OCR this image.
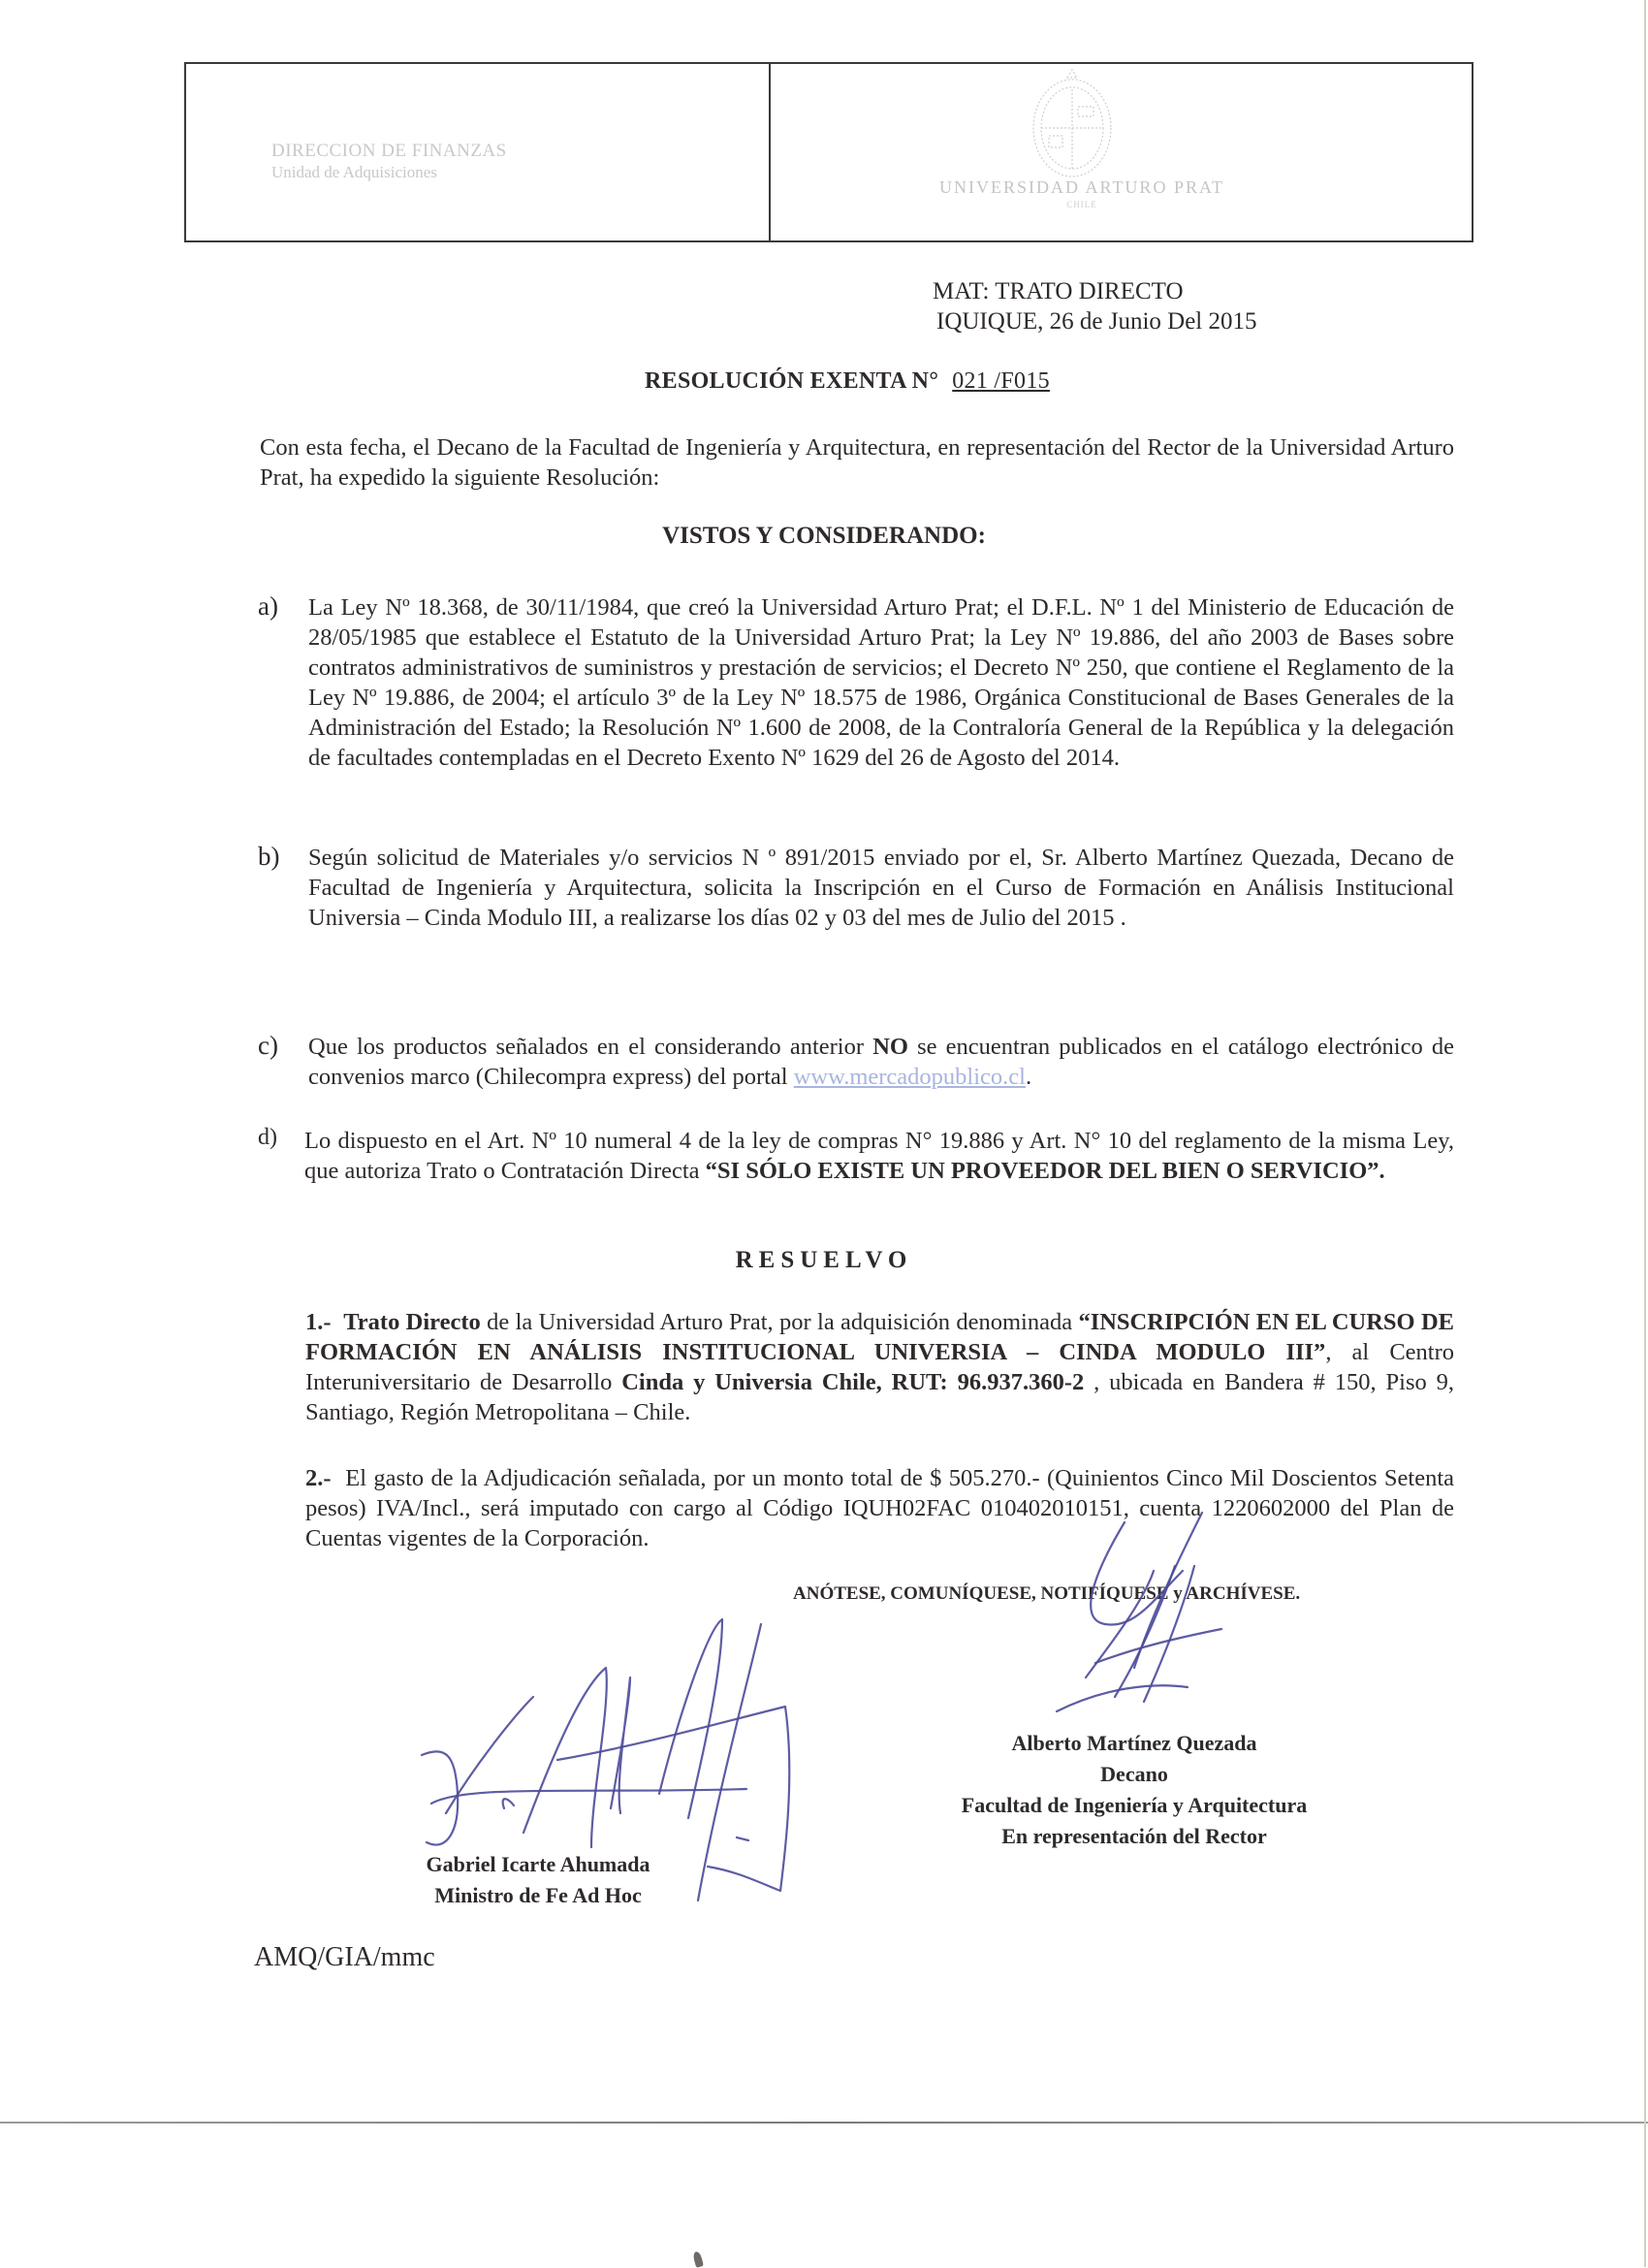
DIRECCION DE FINANZAS
Unidad de Adquisiciones
UNIVERSIDAD ARTURO PRAT
CHILE
MAT: TRATO DIRECTO
IQUIQUE, 26 de Junio Del 2015
RESOLUCIÓN EXENTA N° 021 /F015
Con esta fecha, el Decano de la Facultad de Ingeniería y Arquitectura, en representación del Rector de la Universidad Arturo Prat, ha expedido la siguiente Resolución:
VISTOS Y CONSIDERANDO:
a) La Ley Nº 18.368, de 30/11/1984, que creó la Universidad Arturo Prat; el D.F.L. Nº 1 del Ministerio de Educación de 28/05/1985 que establece el Estatuto de la Universidad Arturo Prat; la Ley Nº 19.886, del año 2003 de Bases sobre contratos administrativos de suministros y prestación de servicios; el Decreto Nº 250, que contiene el Reglamento de la Ley Nº 19.886, de 2004; el artículo 3º de la Ley Nº 18.575 de 1986, Orgánica Constitucional de Bases Generales de la Administración del Estado; la Resolución Nº 1.600 de 2008, de la Contraloría General de la República y la delegación de facultades contempladas en el Decreto Exento Nº 1629 del 26 de Agosto del 2014.
b) Según solicitud de Materiales y/o servicios N º 891/2015 enviado por el, Sr. Alberto Martínez Quezada, Decano de Facultad de Ingeniería y Arquitectura, solicita la Inscripción en el Curso de Formación en Análisis Institucional Universia – Cinda Modulo III, a realizarse los días 02 y 03 del mes de Julio del 2015 .
c) Que los productos señalados en el considerando anterior NO se encuentran publicados en el catálogo electrónico de convenios marco (Chilecompra express) del portal www.mercadopublico.cl.
d) Lo dispuesto en el Art. Nº 10 numeral 4 de la ley de compras N° 19.886 y Art. N° 10 del reglamento de la misma Ley, que autoriza Trato o Contratación Directa “SI SÓLO EXISTE UN PROVEEDOR DEL BIEN O SERVICIO”.
RESUELVO
1.- Trato Directo de la Universidad Arturo Prat, por la adquisición denominada “INSCRIPCIÓN EN EL CURSO DE FORMACIÓN EN ANÁLISIS INSTITUCIONAL UNIVERSIA – CINDA MODULO III”, al Centro Interuniversitario de Desarrollo Cinda y Universia Chile, RUT: 96.937.360-2 , ubicada en Bandera # 150, Piso 9, Santiago, Región Metropolitana – Chile.
2.- El gasto de la Adjudicación señalada, por un monto total de $ 505.270.- (Quinientos Cinco Mil Doscientos Setenta pesos) IVA/Incl., será imputado con cargo al Código IQUH02FAC 010402010151, cuenta 1220602000 del Plan de Cuentas vigentes de la Corporación.
ANÓTESE, COMUNÍQUESE, NOTIFÍQUESE y ARCHÍVESE.
Alberto Martínez Quezada
Decano
Facultad de Ingeniería y Arquitectura
En representación del Rector
Gabriel Icarte Ahumada
Ministro de Fe Ad Hoc
AMQ/GIA/mmc
